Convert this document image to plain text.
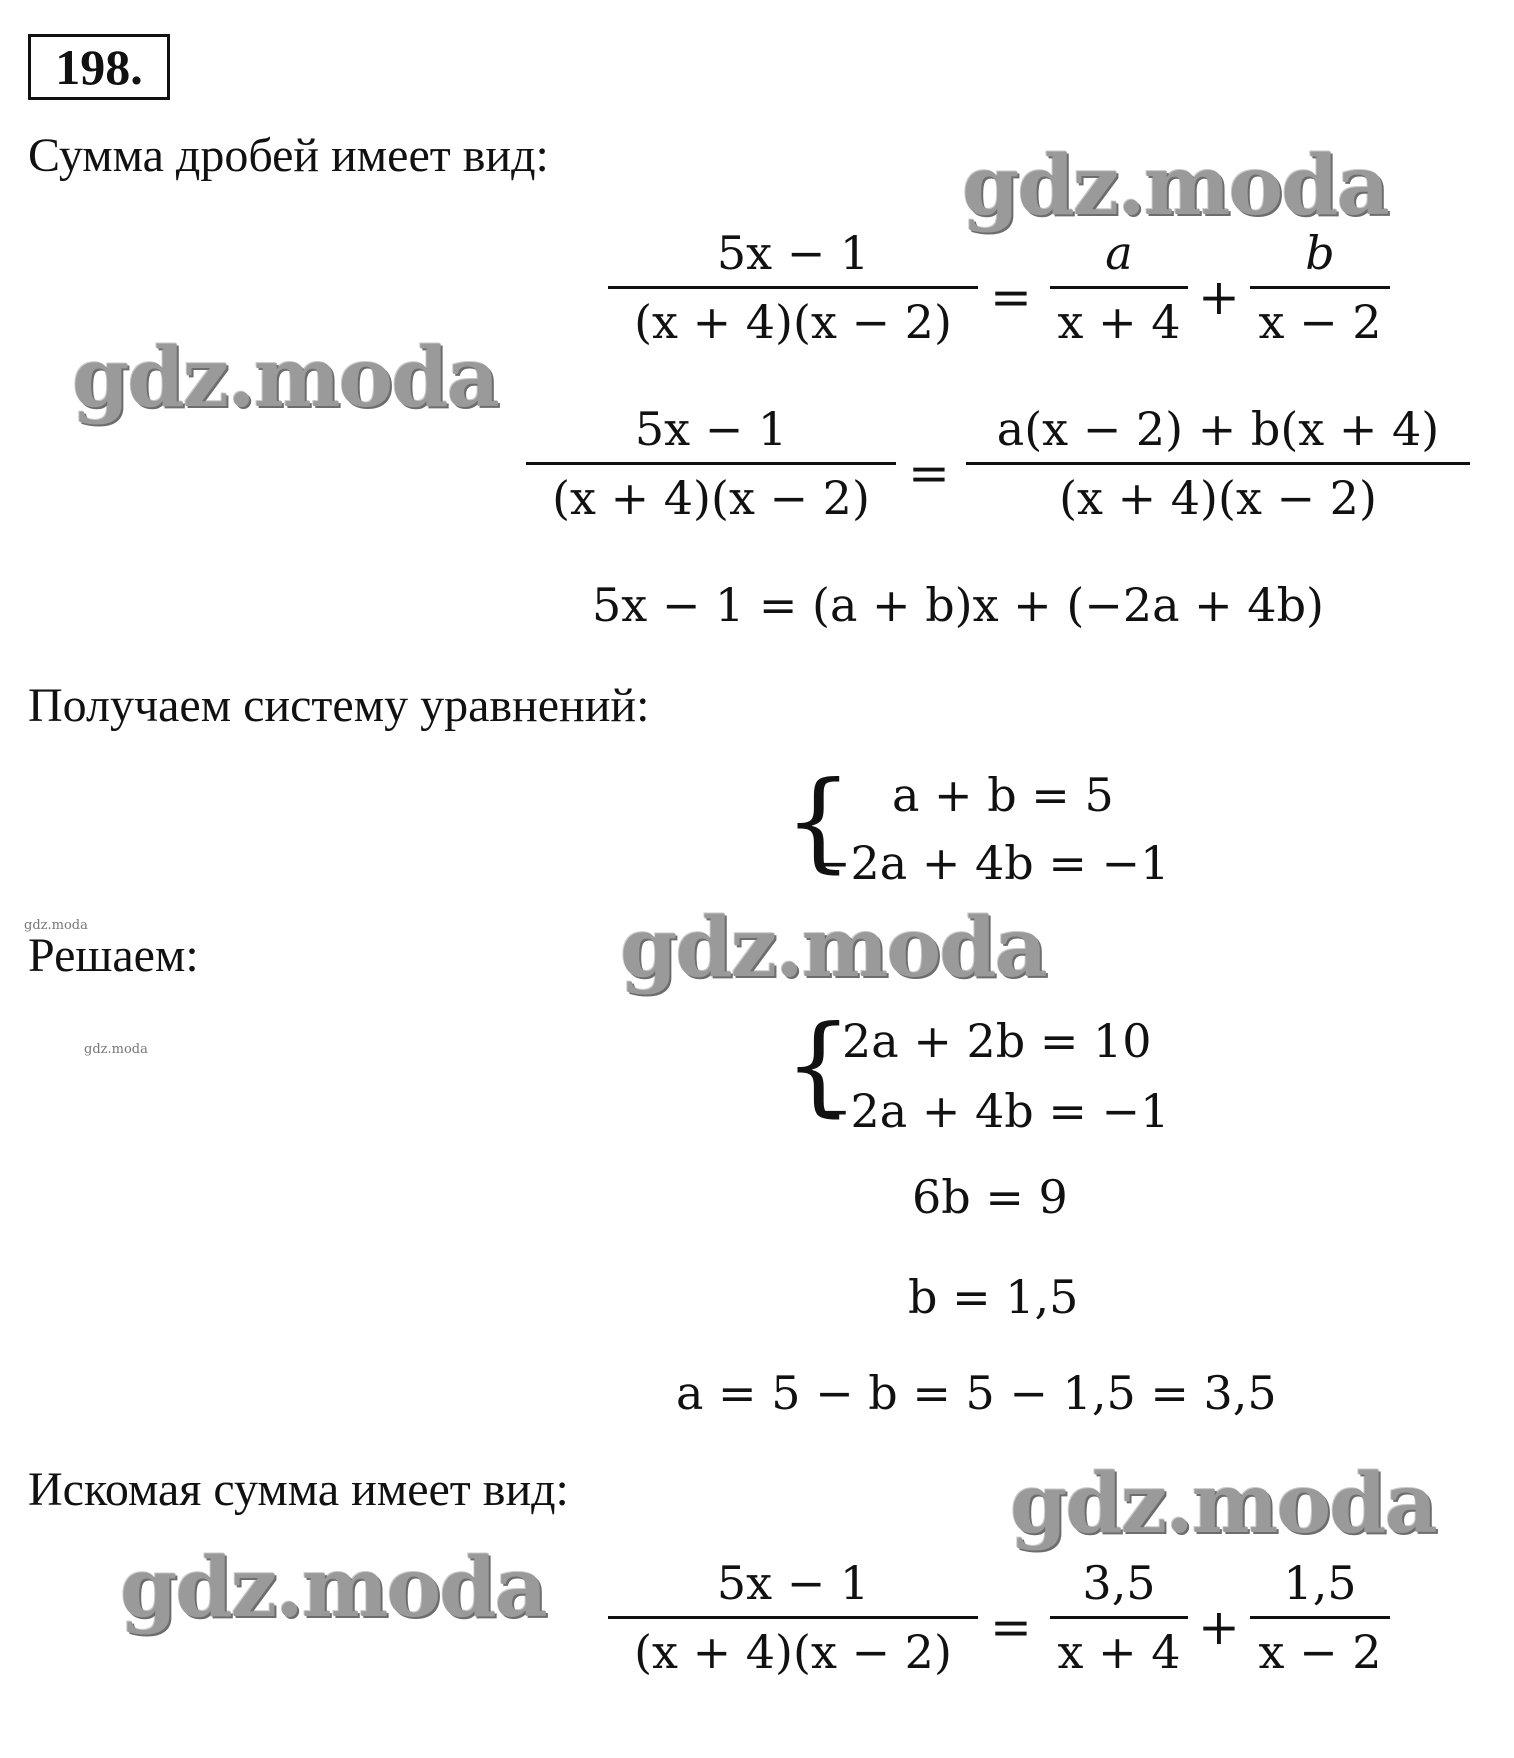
198.
Сумма дробей имеет вид:
5x − 1
(x + 4)(x − 2) =
a
x + 4 +
b
x − 2
5x − 1
(x + 4)(x − 2) =
a(x − 2) + b(x + 4)
(x + 4)(x − 2)
5x − 1 = (a + b)x + (−2a + 4b)
Получаем систему уравнений:
{ a + b = 5
−2a + 4b = −1
Решаем:
{
2a + 2b = 10
−2a + 4b = −1
6b = 9
b = 1,5
a = 5 − b = 5 − 1,5 = 3,5
Искомая сумма имеет вид:
5x − 1
(x + 4)(x − 2) =
3,5
x + 4 +
1,5
x − 2
gdz.moda
gdz.moda
gdz.moda
gdz.moda
gdz.moda
gdz.moda
gdz.moda
